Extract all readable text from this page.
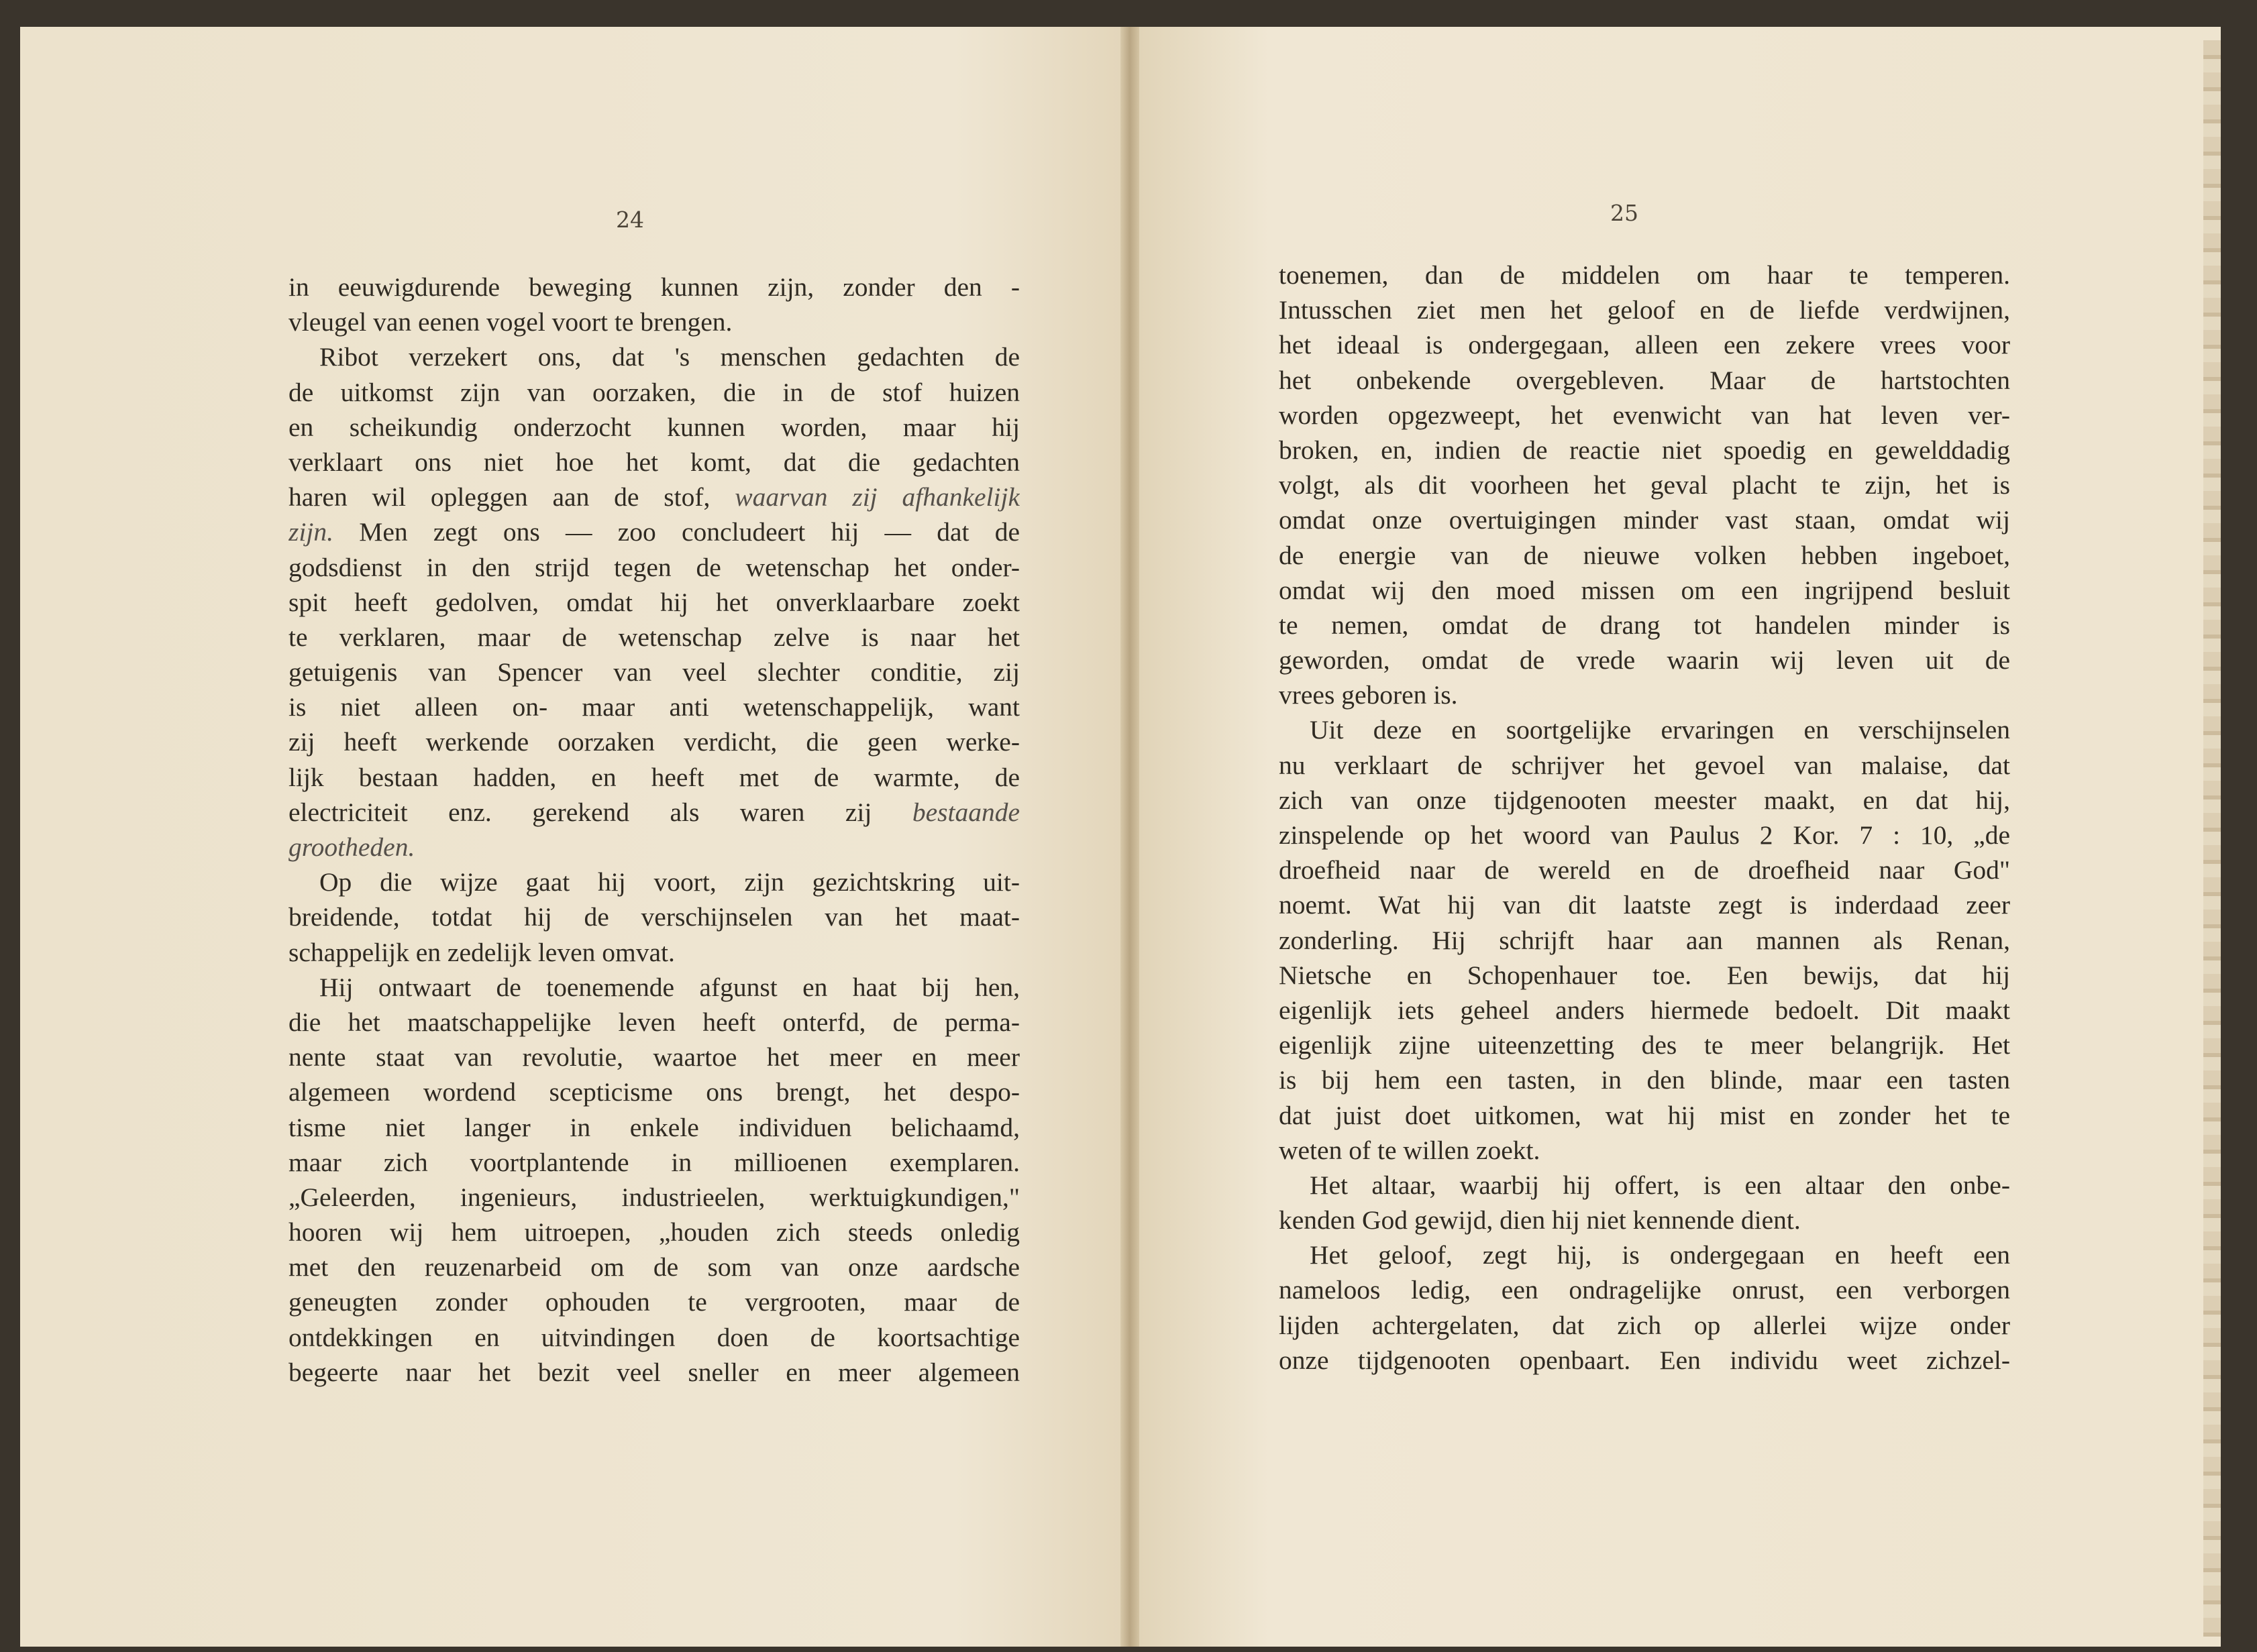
24
in eeuwigdurende beweging kunnen zijn, zonder den -
vleugel van eenen vogel voort te brengen.
Ribot verzekert ons, dat 's menschen gedachten de
de uitkomst zijn van oorzaken, die in de stof huizen
en scheikundig onderzocht kunnen worden, maar hij
verklaart ons niet hoe het komt, dat die gedachten
haren wil opleggen aan de stof, waarvan zij afhankelijk
zijn. Men zegt ons — zoo concludeert hij — dat de
godsdienst in den strijd tegen de wetenschap het onder-
spit heeft gedolven, omdat hij het onverklaarbare zoekt
te verklaren, maar de wetenschap zelve is naar het
getuigenis van Spencer van veel slechter conditie, zij
is niet alleen on- maar anti wetenschappelijk, want
zij heeft werkende oorzaken verdicht, die geen werke-
lijk bestaan hadden, en heeft met de warmte, de
electriciteit enz. gerekend als waren zij bestaande
grootheden.
Op die wijze gaat hij voort, zijn gezichtskring uit-
breidende, totdat hij de verschijnselen van het maat-
schappelijk en zedelijk leven omvat.
Hij ontwaart de toenemende afgunst en haat bij hen,
die het maatschappelijke leven heeft onterfd, de perma-
nente staat van revolutie, waartoe het meer en meer
algemeen wordend scepticisme ons brengt, het despo-
tisme niet langer in enkele individuen belichaamd,
maar zich voortplantende in millioenen exemplaren.
„Geleerden, ingenieurs, industrieelen, werktuigkundigen,"
hooren wij hem uitroepen, „houden zich steeds onledig
met den reuzenarbeid om de som van onze aardsche
geneugten zonder ophouden te vergrooten, maar de
ontdekkingen en uitvindingen doen de koortsachtige
begeerte naar het bezit veel sneller en meer algemeen
25
toenemen, dan de middelen om haar te temperen.
Intusschen ziet men het geloof en de liefde verdwijnen,
het ideaal is ondergegaan, alleen een zekere vrees voor
het onbekende overgebleven. Maar de hartstochten
worden opgezweept, het evenwicht van hat leven ver-
broken, en, indien de reactie niet spoedig en gewelddadig
volgt, als dit voorheen het geval placht te zijn, het is
omdat onze overtuigingen minder vast staan, omdat wij
de energie van de nieuwe volken hebben ingeboet,
omdat wij den moed missen om een ingrijpend besluit
te nemen, omdat de drang tot handelen minder is
geworden, omdat de vrede waarin wij leven uit de
vrees geboren is.
Uit deze en soortgelijke ervaringen en verschijnselen
nu verklaart de schrijver het gevoel van malaise, dat
zich van onze tijdgenooten meester maakt, en dat hij,
zinspelende op het woord van Paulus 2 Kor. 7 : 10, „de
droefheid naar de wereld en de droefheid naar God"
noemt. Wat hij van dit laatste zegt is inderdaad zeer
zonderling. Hij schrijft haar aan mannen als Renan,
Nietsche en Schopenhauer toe. Een bewijs, dat hij
eigenlijk iets geheel anders hiermede bedoelt. Dit maakt
eigenlijk zijne uiteenzetting des te meer belangrijk. Het
is bij hem een tasten, in den blinde, maar een tasten
dat juist doet uitkomen, wat hij mist en zonder het te
weten of te willen zoekt.
Het altaar, waarbij hij offert, is een altaar den onbe-
kenden God gewijd, dien hij niet kennende dient.
Het geloof, zegt hij, is ondergegaan en heeft een
nameloos ledig, een ondragelijke onrust, een verborgen
lijden achtergelaten, dat zich op allerlei wijze onder
onze tijdgenooten openbaart. Een individu weet zichzel-
